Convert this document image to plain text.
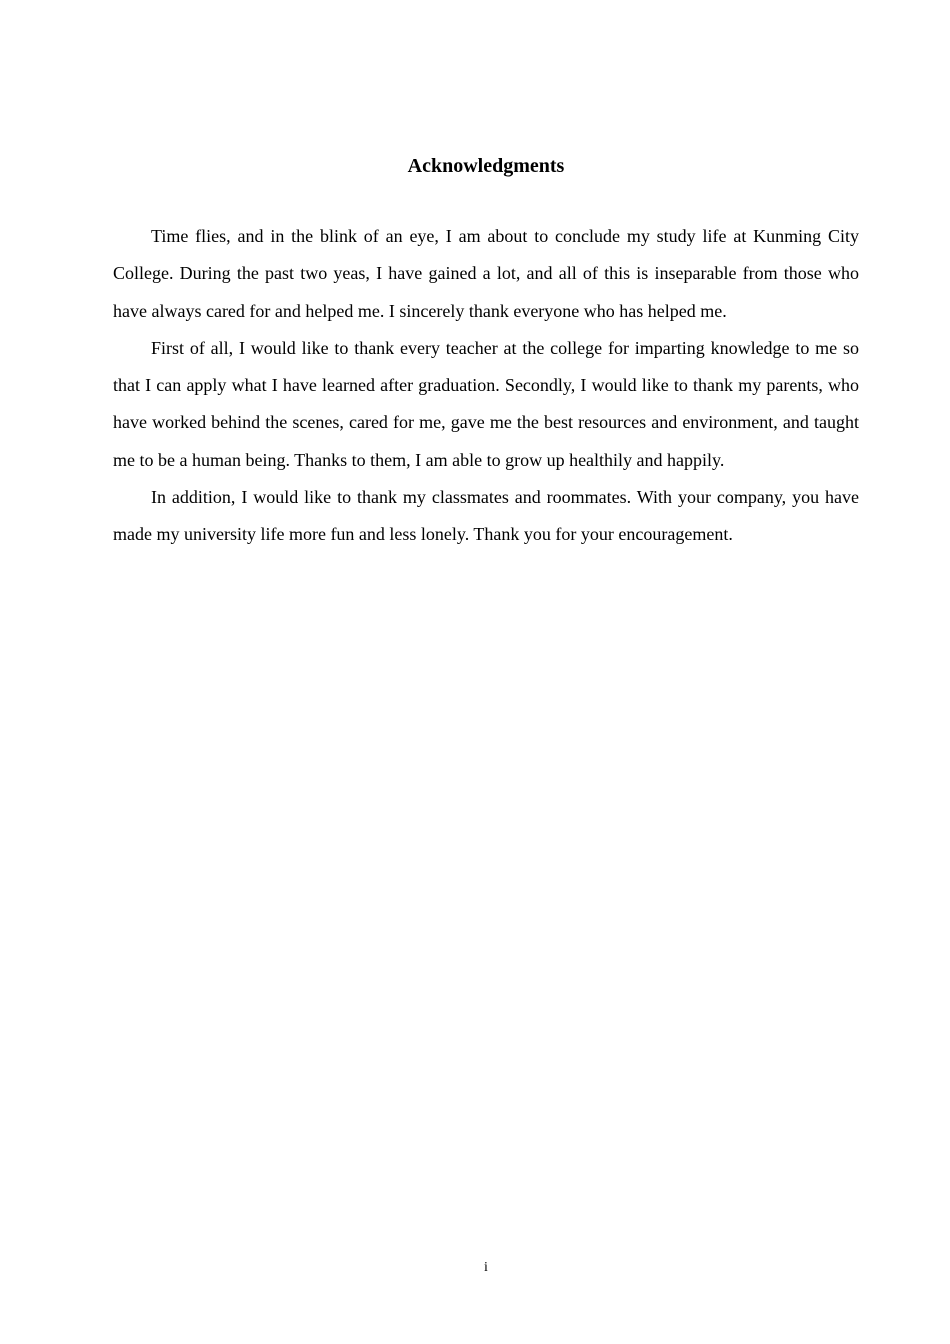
Acknowledgments

Time flies, and in the blink of an eye, I am about to conclude my study life at Kunming City College. During the past two yeas, I have gained a lot, and all of this is inseparable from those who have always cared for and helped me. I sincerely thank everyone who has helped me.

First of all, I would like to thank every teacher at the college for imparting knowledge to me so that I can apply what I have learned after graduation. Secondly, I would like to thank my parents, who have worked behind the scenes, cared for me, gave me the best resources and environment, and taught me to be a human being. Thanks to them, I am able to grow up healthily and happily.

In addition, I would like to thank my classmates and roommates. With your company, you have made my university life more fun and less lonely. Thank you for your encouragement.

i
